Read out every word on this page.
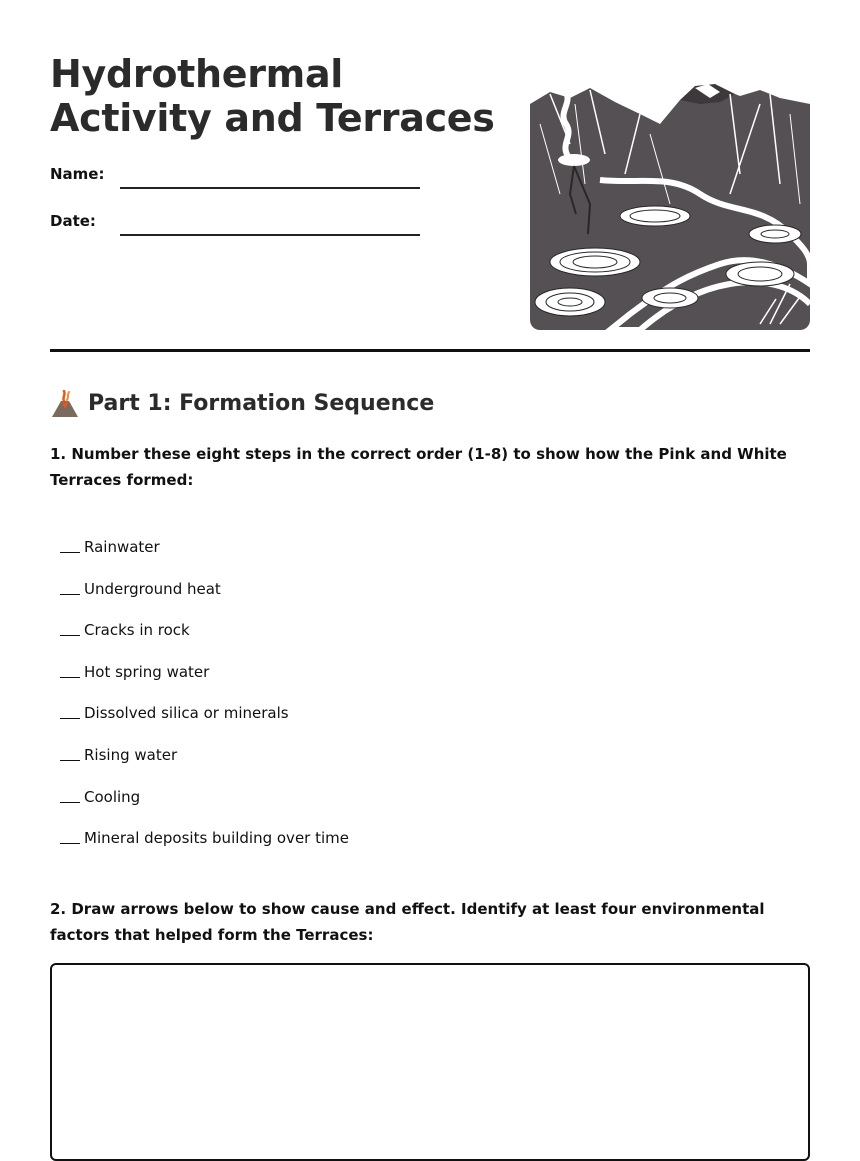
Hydrothermal Activity and Terraces
Name:
Date:
Part 1: Formation Sequence

1. Number these eight steps in the correct order (1-8) to show how the Pink and White Terraces formed:

Rainwater
Underground heat
Cracks in rock
Hot spring water
Dissolved silica or minerals
Rising water
Cooling
Mineral deposits building over time

2. Draw arrows below to show cause and effect. Identify at least four environmental factors that helped form the Terraces:
